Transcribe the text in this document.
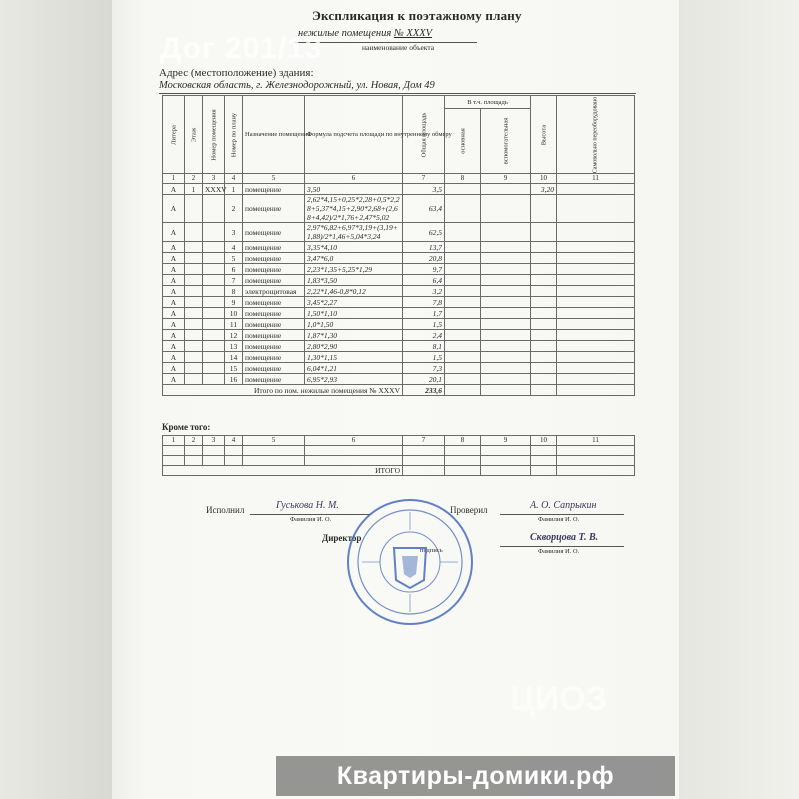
Экспликация к поэтажному плану
нежилые помещения № XXXV
наименование объекта
Дог 201/13
Адрес (местоположение) здания:
Московская область, г. Железнодорожный, ул. Новая, Дом 49
Литера	Этаж	Номер помещения	Номер по плану	Назначение помещений	Формула подсчета площади по внутреннему обмеру	Общая площадь	В т.ч. площадь		Высота	Самовольно переоборудовано

							основная	вспомогательная		

1	2	3	4	5	6	7	8	9	10	11
А	1	XXXV	1	помещение	3,50	3,5			3,20	
А			2	помещение	2,62*4,15+0,25*2,28+0,5*2,28+5,37*4,15+2,90*2,68+(2,68+4,42)/2*1,76+2,47*5,02	63,4				
А			3	помещение	2,97*6,82+6,97*3,19+(3,19+1,88)/2*1,46+5,04*3,24	62,5				
А			4	помещение	3,35*4,10	13,7				
А			5	помещение	3,47*6,0	20,8				
А			6	помещение	2,23*1,35+5,25*1,29	9,7				
А			7	помещение	1,83*3,50	6,4				
А			8	электрощитовая	2,22*1,46-0,8*0,12	3,2				
А			9	помещение	3,45*2,27	7,8				
А			10	помещение	1,50*1,10	1,7				
А			11	помещение	1,0*1,50	1,5				
А			12	помещение	1,87*1,30	2,4				
А			13	помещение	2,80*2,90	8,1				
А			14	помещение	1,30*1,15	1,5				
А			15	помещение	6,04*1,21	7,3				
А			16	помещение	6,95*2,93	20,1				
Итого по пом. нежилые помещения № XXXV						233,6				
Кроме того:
1	2	3	4	5	6	7	8	9	10	11

ИТОГО										
Исполнил	Гуськова Н. М.
Фамилия И. О.
Проверил	А. О. Сапрыкин
Фамилия И. О.
Директор
подпись
Скворцова Т. В.
Фамилия И. О.
ЦИОЗ
Квартиры-домики.рф
